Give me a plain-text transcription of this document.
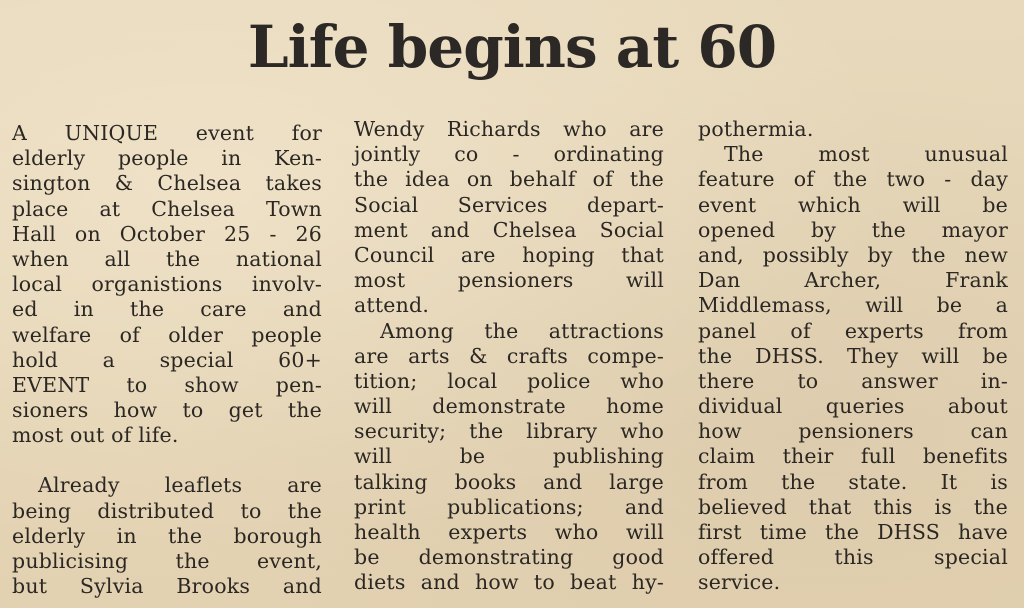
Life begins at 60
A UNIQUE event for
elderly people in Ken-
sington & Chelsea takes
place at Chelsea Town
Hall on October 25 - 26
when all the national
local organistions involv-
ed in the care and
welfare of older people
hold a special 60+
EVENT to show pen-
sioners how to get the
most out of life.
Already leaflets are
being distributed to the
elderly in the borough
publicising the event,
but Sylvia Brooks and
Wendy Richards who are
jointly co - ordinating
the idea on behalf of the
Social Services depart-
ment and Chelsea Social
Council are hoping that
most pensioners will
attend.
Among the attractions
are arts & crafts compe-
tition; local police who
will demonstrate home
security; the library who
will be publishing
talking books and large
print publications; and
health experts who will
be demonstrating good
diets and how to beat hy-
pothermia.
The most unusual
feature of the two - day
event which will be
opened by the mayor
and, possibly by the new
Dan Archer, Frank
Middlemass, will be a
panel of experts from
the DHSS. They will be
there to answer in-
dividual queries about
how pensioners can
claim their full benefits
from the state. It is
believed that this is the
first time the DHSS have
offered this special
service.
